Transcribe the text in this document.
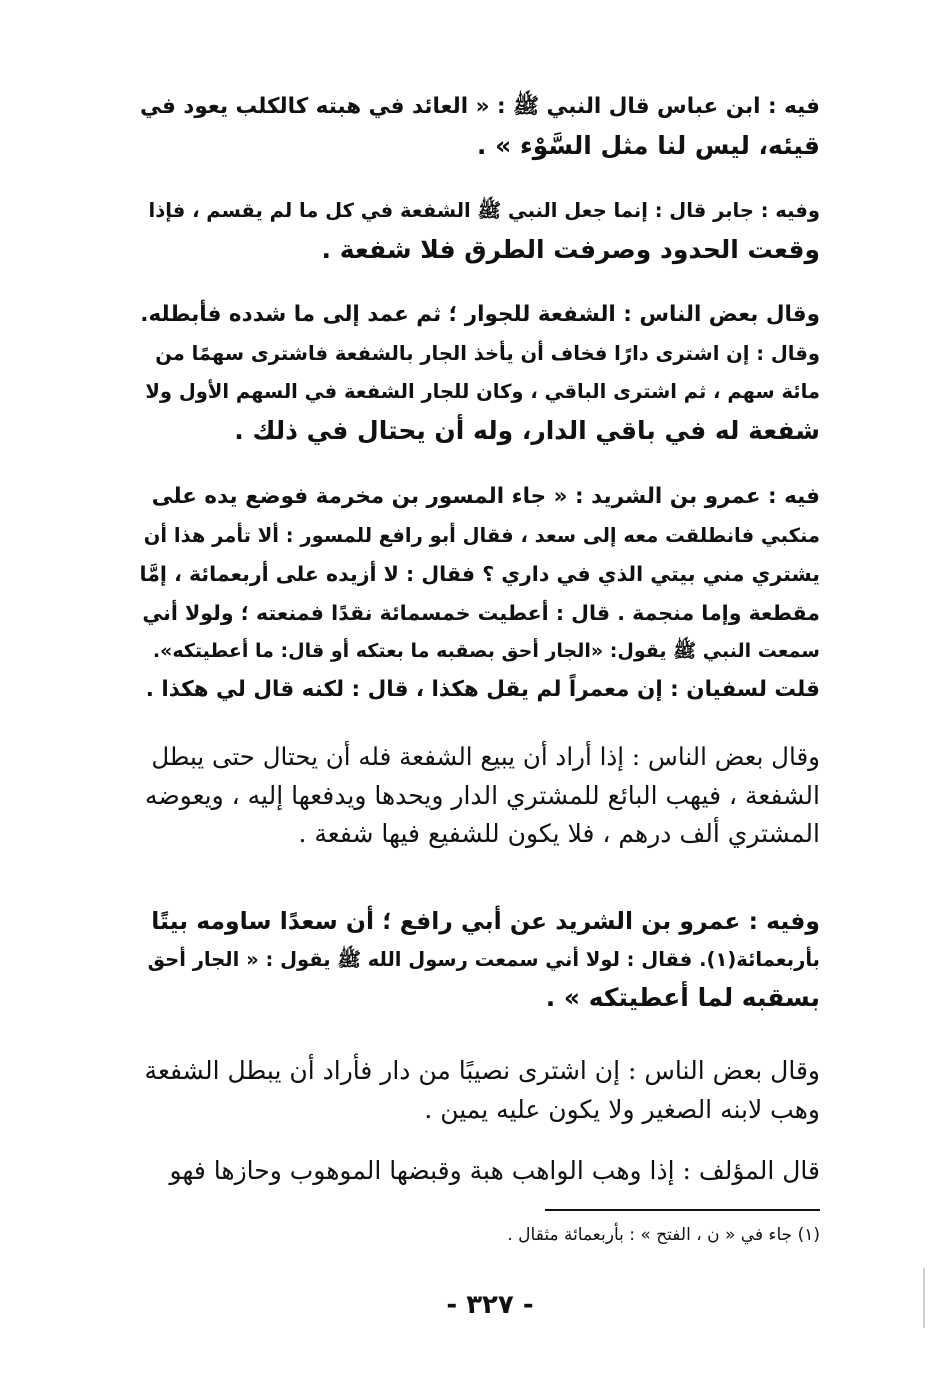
فيه : ابن عباس قال النبي ﷺ : « العائد في هبته كالكلب يعود في
قيئه، ليس لنا مثل السَّوْء » .
وفيه : جابر قال : إنما جعل النبي ﷺ الشفعة في كل ما لم يقسم ، فإذا
وقعت الحدود وصرفت الطرق فلا شفعة .
وقال بعض الناس : الشفعة للجوار ؛ ثم عمد إلى ما شدده فأبطله.
وقال : إن اشترى دارًا فخاف أن يأخذ الجار بالشفعة فاشترى سهمًا من
مائة سهم ، ثم اشترى الباقي ، وكان للجار الشفعة في السهم الأول ولا
شفعة له في باقي الدار، وله أن يحتال في ذلك .
فيه : عمرو بن الشريد : « جاء المسور بن مخرمة فوضع يده على
منكبي فانطلقت معه إلى سعد ، فقال أبو رافع للمسور : ألا تأمر هذا أن
يشتري مني بيتي الذي في داري ؟ فقال : لا أزيده على أربعمائة ، إمَّا
مقطعة وإما منجمة . قال : أعطيت خمسمائة نقدًا فمنعته ؛ ولولا أني
سمعت النبي ﷺ يقول: «الجار أحق بصقبه ما بعتكه أو قال: ما أعطيتكه».
قلت لسفيان : إن معمراً لم يقل هكذا ، قال : لكنه قال لي هكذا .
وقال بعض الناس : إذا أراد أن يبيع الشفعة فله أن يحتال حتى يبطل
الشفعة ، فيهب البائع للمشتري الدار ويحدها ويدفعها إليه ، ويعوضه
المشتري ألف درهم ، فلا يكون للشفيع فيها شفعة .
وفيه : عمرو بن الشريد عن أبي رافع ؛ أن سعدًا ساومه بيتًا
بأربعمائة(١). فقال : لولا أني سمعت رسول الله ﷺ يقول : « الجار أحق
بسقبه لما أعطيتكه » .
وقال بعض الناس : إن اشترى نصيبًا من دار فأراد أن يبطل الشفعة
وهب لابنه الصغير ولا يكون عليه يمين .
قال المؤلف : إذا وهب الواهب هبة وقبضها الموهوب وحازها فهو
(١) جاء في « ن ، الفتح » : بأربعمائة مثقال .
- ٣٢٧ -
